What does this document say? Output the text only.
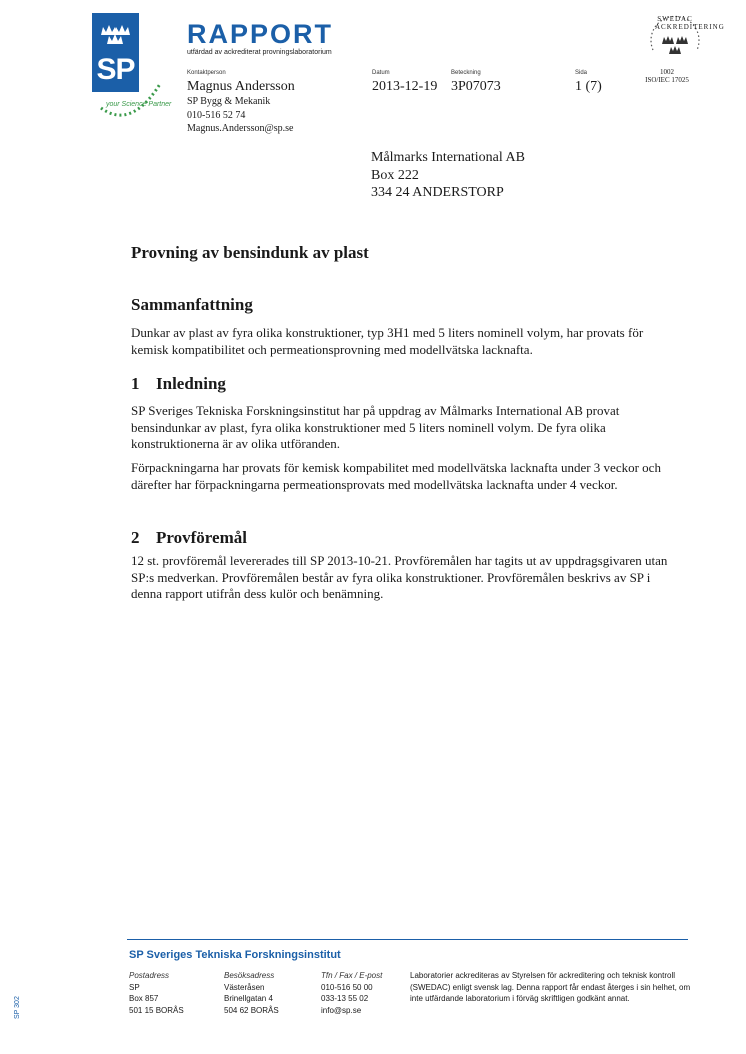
SP
your Science Partner
RAPPORT
utfärdad av ackrediterat provningslaboratorium
Kontaktperson
Magnus Andersson
SP Bygg & Mekanik
010-516 52 74
Magnus.Andersson@sp.se
Datum
2013-12-19
Beteckning
3P07073
Sida
1 (7)
SWEDAC ACKREDITERING
1002
ISO/IEC 17025
Målmarks International AB
Box 222
334 24 ANDERSTORP
Provning av bensindunk av plast
Sammanfattning

Dunkar av plast av fyra olika konstruktioner, typ 3H1 med 5 liters nominell volym, har provats för kemisk kompatibilitet och permeationsprovning med modellvätska lacknafta.

1 Inledning

SP Sveriges Tekniska Forskningsinstitut har på uppdrag av Målmarks International AB provat bensindunkar av plast, fyra olika konstruktioner med 5 liters nominell volym. De fyra olika konstruktionerna är av olika utföranden.

Förpackningarna har provats för kemisk kompabilitet med modellvätska lacknafta under 3 veckor och därefter har förpackningarna permeationsprovats med modellvätska lacknafta under 4 veckor.

2 Provföremål

12 st. provföremål levererades till SP 2013-10-21. Provföremålen har tagits ut av uppdragsgivaren utan SP:s medverkan. Provföremålen består av fyra olika konstruktioner. Provföremålen beskrivs av SP i denna rapport utifrån dess kulör och benämning.

SP Sveriges Tekniska Forskningsinstitut
Postadress
SP
Box 857
501 15 BORÅS
Besöksadress
Västeråsen
Brinellgatan 4
504 62 BORÅS
Tfn / Fax / E-post
010-516 50 00
033-13 55 02
info@sp.se
Laboratorier ackrediteras av Styrelsen för ackreditering och teknisk kontroll (SWEDAC) enligt svensk lag. Denna rapport får endast återges i sin helhet, om inte utfärdande laboratorium i förväg skriftligen godkänt annat.
SP 302
